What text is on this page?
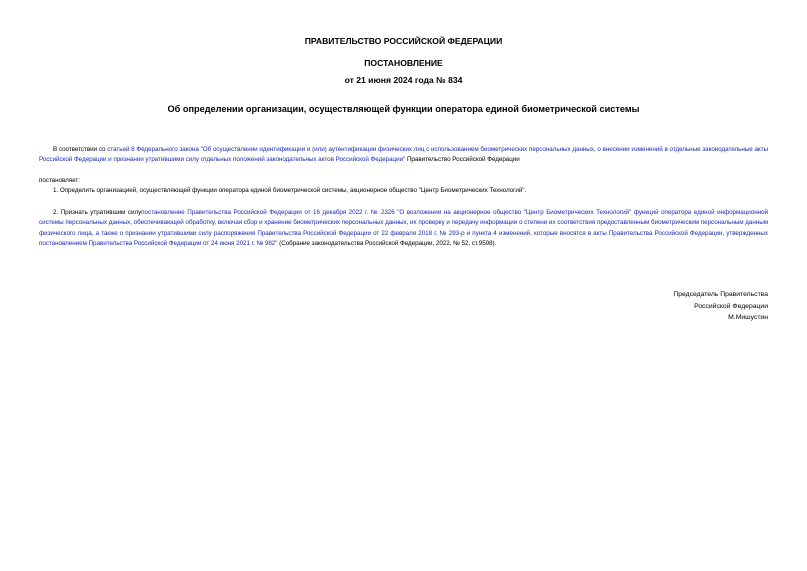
ПРАВИТЕЛЬСТВО РОССИЙСКОЙ ФЕДЕРАЦИИ
ПОСТАНОВЛЕНИЕ
от 21 июня 2024 года № 834
Об определении организации, осуществляющей функции оператора единой биометрической системы
В соответствии со статьей 8 Федерального закона "Об осуществлении идентификации и (или) аутентификации физических лиц с использованием биометрических персональных данных, о внесении изменений в отдельные законодательные акты Российской Федерации и признании утратившими силу отдельных положений законодательных актов Российской Федерации" Правительство Российской Федерации
постановляет:
1. Определить организацией, осуществляющей функции оператора единой биометрической системы, акционерное общество "Центр Биометрических Технологий".
2. Признать утратившим силупостановление Правительства Российской Федерации от 16 декабря 2022 г. № 2326 "О возложении на акционерное общество "Центр Биометрических Технологий" функций оператора единой информационной системы персональных данных, обеспечивающей обработку, включая сбор и хранение биометрических персональных данных, их проверку и передачу информации о степени их соответствия предоставленным биометрическим персональным данным физического лица, а также о признании утратившими силу распоряжения Правительства Российской Федерации от 22 февраля 2018 г. № 293-р и пункта 4 изменений, которые вносятся в акты Правительства Российской Федерации, утвержденных постановлением Правительства Российской Федерации от 24 июня 2021 г. № 982" (Собрание законодательства Российской Федерации, 2022, № 52, ст.9598).
Председатель Правительства
Российской Федерации
М.Мишустин
